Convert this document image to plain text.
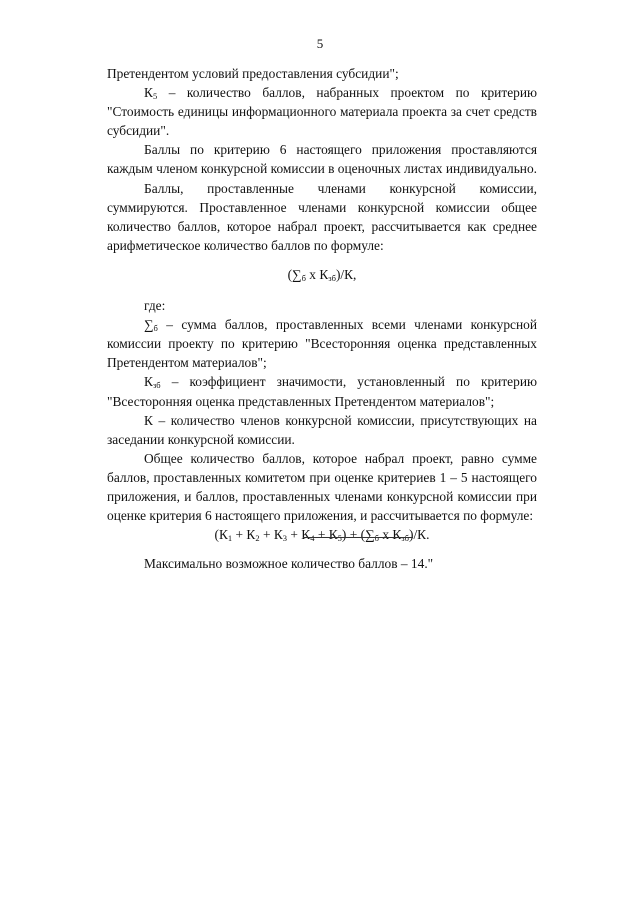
5

Претендентом условий предоставления субсидии";

$К_5$ – количество баллов, набранных проектом по критерию "Стоимость единицы информационного материала проекта за счет средств субсидии".

Баллы по критерию 6 настоящего приложения проставляются каждым членом конкурсной комиссии в оценочных листах индивидуально.

Баллы, проставленные членами конкурсной комиссии, суммируются. Проставленное членами конкурсной комиссии общее количество баллов, которое набрал проект, рассчитывается как среднее арифметическое количество баллов по формуле:

($\sum_б$ х $К_{зб})/К$,

где:

$\sum_б$ – сумма баллов, проставленных всеми членами конкурсной комиссии проекту по критерию "Всесторонняя оценка представленных Претендентом материалов";

$К_{зб}$ – коэффициент значимости, установленный по критерию "Всесторонняя оценка представленных Претендентом материалов";

К – количество членов конкурсной комиссии, присутствующих на заседании конкурсной комиссии.

Общее количество баллов, которое набрал проект, равно сумме баллов, проставленных комитетом при оценке критериев 1 – 5 настоящего приложения, и баллов, проставленных членами конкурсной комиссии при оценке критерия 6 настоящего приложения, и рассчитывается по формуле:

$(К_1 + К_2 + К_3 + К_4 + К_5) + (\sum_б$ х $К_{зб})/К$.

Максимально возможное количество баллов – 14."
